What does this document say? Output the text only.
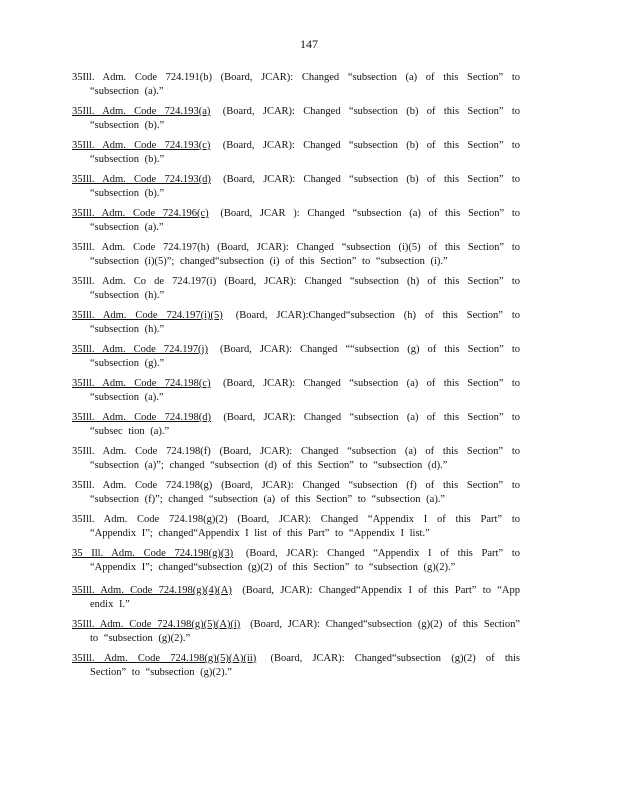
147
35Ill. Adm. Code 724.191(b) (Board, JCAR): Changed “subsection (a) of this Section” to “subsection (a).”
35Ill. Adm. Code 724.193(a) (Board, JCAR): Changed “subsection (b) of this Section” to “subsection (b).”
35Ill. Adm. Code 724.193(c) (Board, JCAR): Changed “subsection (b) of this Section” to “subsection (b).”
35Ill. Adm. Code 724.193(d) (Board, JCAR): Changed “subsection (b) of this Section” to “subsection (b).”
35Ill. Adm. Code 724.196(c) (Board, JCAR ): Changed “subsection (a) of this Section” to “subsection (a).”
35Ill. Adm. Code 724.197(h) (Board, JCAR): Changed “subsection (i)(5) of this Section” to “subsection (i)(5)”; changed“subsection (i) of this Section” to “subsection (i).”
35Ill. Adm. Co de 724.197(i) (Board, JCAR): Changed “subsection (h) of this Section” to “subsection (h).”
35Ill. Adm. Code 724.197(i)(5) (Board, JCAR):Changed“subsection (h) of this Section” to “subsection (h).”
35Ill. Adm. Code 724.197(j) (Board, JCAR): Changed ““subsection (g) of this Section” to “subsection (g).”
35Ill. Adm. Code 724.198(c) (Board, JCAR): Changed “subsection (a) of this Section” to “subsection (a).”
35Ill. Adm. Code 724.198(d) (Board, JCAR): Changed “subsection (a) of this Section” to “subsec tion (a).”
35Ill. Adm. Code 724.198(f) (Board, JCAR): Changed “subsection (a) of this Section” to “subsection (a)”; changed “subsection (d) of this Section” to “subsection (d).”
35Ill. Adm. Code 724.198(g) (Board, JCAR): Changed “subsection (f) of this Section” to “subsection (f)”; changed “subsection (a) of this Section” to “subsection (a).”
35Ill. Adm. Code 724.198(g)(2) (Board, JCAR): Changed “Appendix I of this Part” to “Appendix I”; changed“Appendix I list of this Part” to “Appendix I list.”
35 Ill. Adm. Code 724.198(g)(3) (Board, JCAR): Changed “Appendix I of this Part” to “Appendix I”; changed“subsection (g)(2) of this Section” to “subsection (g)(2).”
35Ill. Adm. Code 724.198(g)(4)(A) (Board, JCAR): Changed“Appendix I of this Part” to “App endix I.”
35Ill. Adm. Code 724.198(g)(5)(A)(i) (Board, JCAR): Changed“subsection (g)(2) of this Section” to “subsection (g)(2).”
35Ill. Adm. Code 724.198(g)(5)(A)(ii) (Board, JCAR): Changed“subsection (g)(2) of this Section” to “subsection (g)(2).”
